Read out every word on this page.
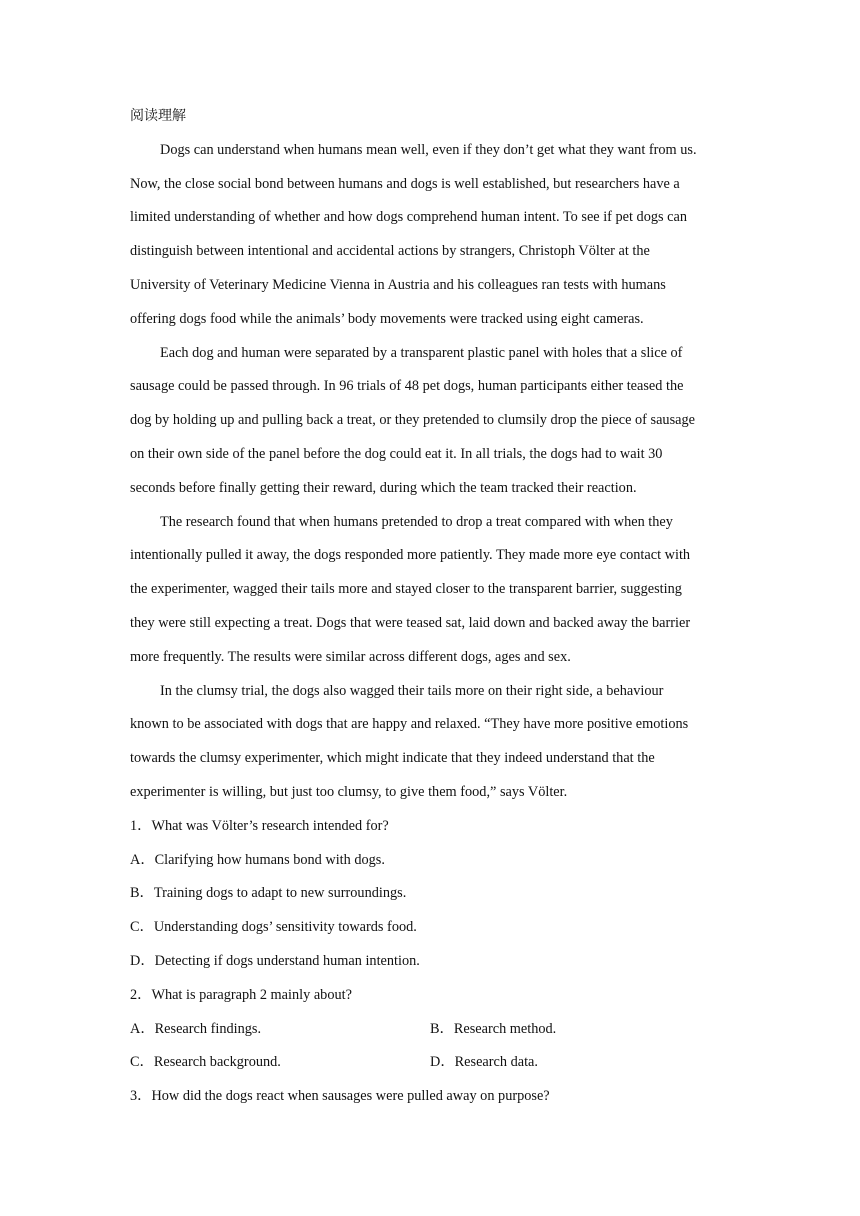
阅读理解
Dogs can understand when humans mean well, even if they don’t get what they want from us.
Now, the close social bond between humans and dogs is well established, but researchers have a
limited understanding of whether and how dogs comprehend human intent. To see if pet dogs can
distinguish between intentional and accidental actions by strangers, Christoph Völter at the
University of Veterinary Medicine Vienna in Austria and his colleagues ran tests with humans
offering dogs food while the animals’ body movements were tracked using eight cameras.
Each dog and human were separated by a transparent plastic panel with holes that a slice of
sausage could be passed through. In 96 trials of 48 pet dogs, human participants either teased the
dog by holding up and pulling back a treat, or they pretended to clumsily drop the piece of sausage
on their own side of the panel before the dog could eat it. In all trials, the dogs had to wait 30
seconds before finally getting their reward, during which the team tracked their reaction.
The research found that when humans pretended to drop a treat compared with when they
intentionally pulled it away, the dogs responded more patiently. They made more eye contact with
the experimenter, wagged their tails more and stayed closer to the transparent barrier, suggesting
they were still expecting a treat. Dogs that were teased sat, laid down and backed away the barrier
more frequently. The results were similar across different dogs, ages and sex.
In the clumsy trial, the dogs also wagged their tails more on their right side, a behaviour
known to be associated with dogs that are happy and relaxed. “They have more positive emotions
towards the clumsy experimenter, which might indicate that they indeed understand that the
experimenter is willing, but just too clumsy, to give them food,” says Völter.
1．What was Völter’s research intended for?
A．Clarifying how humans bond with dogs.
B．Training dogs to adapt to new surroundings.
C．Understanding dogs’ sensitivity towards food.
D．Detecting if dogs understand human intention.
2．What is paragraph 2 mainly about?
A．Research findings.	B．Research method.
C．Research background.	D．Research data.
3．How did the dogs react when sausages were pulled away on purpose?
